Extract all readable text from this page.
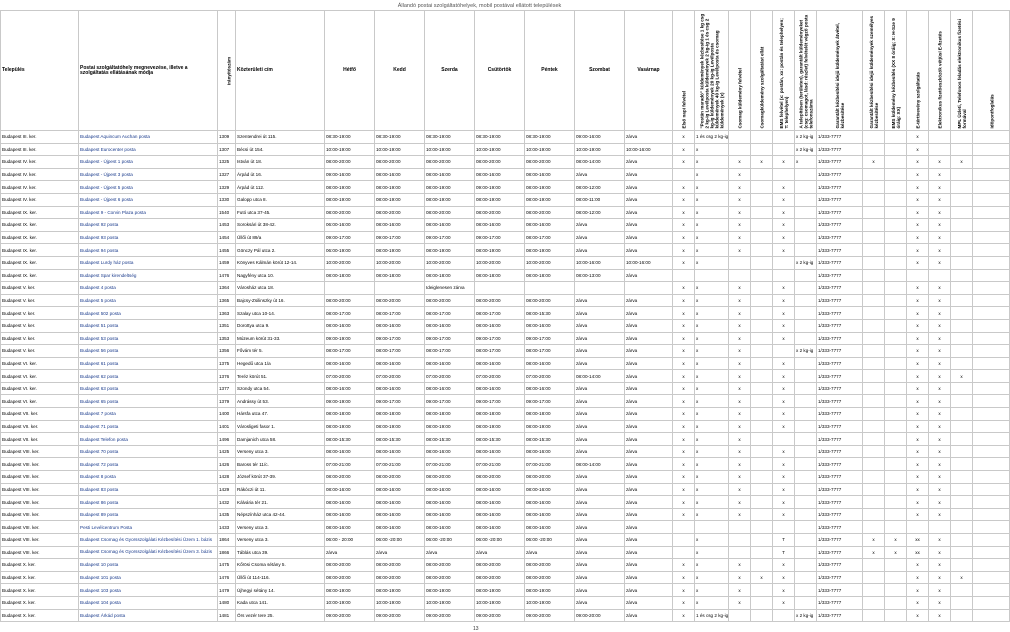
Állandó postai szolgáltatóhelyek, mobil postával ellátott települések
Település	Postai szolgáltatóhely megnevezése, illetve a szolgáltatás ellátásának módja	Irányítószám	Közterületi cím	Hétfő	Kedd	Szerda	Csütörtök	Péntek	Szombat	Vasárnap	Első napi felvétel	"Postán maradó" küldemények kézbesítése 1 kg csg 2 kg-ig Levélposta küldemények 2 kg-ig 1 és csg 2 kg-ig küldemények 20 kg-ig Levélposta küldemények 40 kg-ig Levélposta és csomag küldemények (x)	Csomag küldemény felvétel	Csomagküldemény szolgáltatást ellát	EMS felvétel (x: postán, xx: postán és telephelyen; T: telephelyen)	A telepítésen (területen), garantált küldeményeket (csg: csomagot, lásd: részlet) felvételét végző posta telefonszáma	Garantált kézbesítési idejű küldemények átvétel, kézbesítése	Garantált kézbesítési idejű küldemények személyes kézbesítése	EMS küldemény kézbesítés (XX 8 óráig; X: H-Sze 9 óráig: XX)	E-tértivevény szolgáltatás	Elektronikus fizetőeszközök vétjüsí E-fizetés	MPL Üzleti, Telefonos feladás elektronikus fizetési formával	Időpontfoglalás

Budapest III. ker.	Budapest Aquincum Auchan posta	1309	Szentendrei út 115.	08:30-19:00	08:30-19:00	08:30-19:00	08:30-19:00	08:30-19:00	09:00-16:00	zárva	x	1 és csg 2 kg-ig				x 2 kg-ig	1/333-7777			x			
Budapest III. ker.	Budapest Eurocenter posta	1307	Bécsi út 154.	10:00-19:00	10:00-19:00	10:00-19:00	10:00-19:00	10:00-19:00	10:00-19:00	10:00-16:00	x	x				x 2 kg-ig	1/333-7777			x			
Budapest IV. ker.	Budapest - Újpest 1 posta	1325	István út 18.	08:00-20:00	08:00-20:00	08:00-20:00	08:00-20:00	08:00-20:00	08:00-14:00	zárva	x	x	x	x	x	x	1/333-7777	x		x	x	x	
Budapest IV. ker.	Budapest - Újpest 3 posta	1327	Árpád út 16.	09:00-16:00	08:00-16:00	08:00-16:00	08:00-16:00	08:00-16:00	zárva	zárva		x	x				1/333-7777			x	x		
Budapest IV. ker.	Budapest - Újpest 5 posta	1329	Árpád út 112.	08:00-19:00	08:00-19:00	08:00-19:00	09:00-19:00	08:00-19:00	08:00-12:00	zárva	x	x	x		x		1/333-7777			x	x		
Budapest IV. ker.	Budapest - Újpest 6 posta	1330	Galopp utca 8.	08:00-19:00	08:00-19:00	08:00-19:00	08:00-19:00	08:00-19:00	08:00-11:00	zárva	x	x	x		x		1/333-7777			x	x		
Budapest IX. ker.	Budapest 9 - Corvin Plaza posta	1540	Futó utca 37-45.	08:00-20:00	08:00-20:00	08:00-20:00	08:00-20:00	08:00-20:00	08:00-12:00	zárva	x	x	x		x		1/333-7777			x	x		
Budapest IX. ker.	Budapest 92 posta	1453	Soroksári út 38-42.	06:00-16:00	08:00-16:00	08:00-16:00	08:00-16:00	08:00-16:00	zárva	zárva	x	x	x		x		1/333-7777			x	x		
Budapest IX. ker.	Budapest 93 posta	1454	Üllői út 89/a	09:00-17:00	09:00-17:00	09:00-17:00	09:00-17:00	08:00-17:00	zárva	zárva	x	x	x		x		1/333-7777			x	x		
Budapest IX. ker.	Budapest 94 posta	1455	Gönczy Pál utca 2.	06:00-19:00	08:00-19:00	08:00-19:00	08:00-19:00	08:00-19:00	zárva	zárva	x	x	x		x		1/333-7777			x	x		
Budapest IX. ker.	Budapest Lurdy ház posta	1459	Könyves Kálmán körút 12-14.	10:00-20:00	10:00-20:00	10:00-20:00	10:00-20:00	10:00-20:00	10:00-16:00	10:00-16:00	x	x				x 2 kg-ig	1/333-7777			x	x		
Budapest IX. ker.	Budapest Spar kirendeltség	1476	Nagyfény utca 10.	08:00-18:00	08:00-18:00	08:00-18:00	08:00-18:00	08:00-18:00	08:00-13:00	zárva							1/333-7777						
Budapest V. ker.	Budapest 4 posta	1364	Városház utca 18.			Ideiglenesen zárva					x	x	x		x		1/333-7777			x	x		
Budapest V. ker.	Budapest 5 posta	1365	Bajcsy-Zsilinszky út 16.	08:00-20:00	08:00-20:00	08:00-20:00	08:00-20:00	08:00-20:00	zárva	zárva	x	x	x		x		1/333-7777			x	x		
Budapest V. ker.	Budapest 502 posta	1363	Szalay utca 10-14.	08:00-17:00	08:00-17:00	08:00-17:00	08:00-17:00	08:00-15:30	zárva	zárva	x	x	x		x		1/333-7777			x	x		
Budapest V. ker.	Budapest 51 posta	1351	Dorottya utca 9.	08:00-16:00	08:00-16:00	08:00-16:00	08:00-16:00	08:00-16:00	zárva	zárva	x	x	x		x		1/333-7777			x	x		
Budapest V. ker.	Budapest 53 posta	1353	Múzeum körút 31-33.	09:00-19:00	09:00-17:00	09:00-17:00	09:00-17:00	09:00-17:00	zárva	zárva	x	x	x		x		1/333-7777			x	x		
Budapest V. ker.	Budapest 56 posta	1356	Fővám tér 5.	08:00-17:00	08:00-17:00	08:00-17:00	08:00-17:00	08:00-17:00	zárva	zárva	x	x	x			x 2 kg-ig	1/333-7777			x	x		
Budapest VI. ker.	Budapest 61 posta	1375	Hegedű utca 1/a	08:00-16:00	08:00-16:00	08:00-16:00	08:00-16:00	08:00-16:00	zárva	zárva	x	x	x		x		1/333-7777			x	x		
Budapest VI. ker.	Budapest 62 posta	1376	Teréz körút 51.	07:00-20:00	07:00-20:00	07:00-20:00	07:00-20:00	07:00-20:00	08:00-14:00	zárva	x	x	x		x		1/333-7777			x	x	x	
Budapest VI. ker.	Budapest 63 posta	1377	Szondy utca 54.	08:00-16:00	08:00-16:00	08:00-16:00	08:00-16:00	08:00-16:00	zárva	zárva	x	x	x		x		1/333-7777			x	x		
Budapest VI. ker.	Budapest 65 posta	1379	Andrássy út 53.	09:00-19:00	09:00-17:00	09:00-17:00	09:00-17:00	09:00-17:00	zárva	zárva	x	x	x		x		1/333-7777			x	x		
Budapest VII. ker.	Budapest 7 posta	1400	Hársfa utca 47.	08:00-18:00	08:00-18:00	08:00-18:00	08:00-18:00	08:00-18:00	zárva	zárva	x	x	x		x		1/333-7777			x	x		
Budapest VII. ker.	Budapest 71 posta	1401	Városligeti fasor 1.	08:00-19:00	08:00-19:00	08:00-19:00	08:00-19:00	08:00-19:00	zárva	zárva	x	x	x		x		1/333-7777			x	x		
Budapest VII. ker.	Budapest Telefon posta	1496	Damjanich utca 58.	08:00-15:30	08:00-15:30	08:00-15:30	08:00-15:30	08:00-15:30	zárva	zárva	x	x	x				1/333-7777			x	x		
Budapest VIII. ker.	Budapest 70 posta	1425	Verseny utca 3.	08:00-16:00	08:00-16:00	08:00-16:00	08:00-16:00	08:00-16:00	zárva	zárva	x	x	x		x		1/333-7777			x	x		
Budapest VIII. ker.	Budapest 72 posta	1426	Baross tér 11/c.	07:00-21:00	07:00-21:00	07:00-21:00	07:00-21:00	07:00-21:00	08:00-14:00	zárva	x	x	x		x		1/333-7777			x	x		
Budapest VIII. ker.	Budapest 8 posta	1428	József körút 37-39.	08:00-20:00	08:00-20:00	08:00-20:00	08:00-20:00	08:00-20:00	zárva	zárva	x	x	x		x		1/333-7777			x	x		
Budapest VIII. ker.	Budapest 83 posta	1429	Rákóczi út 11.	08:00-16:00	08:00-16:00	08:00-16:00	08:00-16:00	08:00-16:00	zárva	zárva	x	x	x		x		1/333-7777			x	x		
Budapest VIII. ker.	Budapest 86 posta	1432	Kálvária tér 21.	08:00-16:00	08:00-16:00	08:00-16:00	08:00-16:00	08:00-16:00	zárva	zárva	x	x	x		x		1/333-7777			x	x		
Budapest VIII. ker.	Budapest 89 posta	1435	Népszínház utca 42-44.	08:00-16:00	08:00-16:00	08:00-16:00	08:00-16:00	08:00-16:00	zárva	zárva	x	x	x		x		1/333-7777			x	x		
Budapest VIII. ker.	Pesti Levélcentrum Posta	1433	Verseny utca 3.	08:00-16:00	08:00-16:00	08:00-16:00	08:00-16:00	08:00-16:00	zárva	zárva							1/333-7777						
Budapest VIII. ker.	Budapest Csomag és Gyorsszolgálati Kézbesítési Üzem 1. bázis	1864	Verseny utca 3.	06:00 - 20:00	06:00 -20:00	06:00 -20:00	06:00 -20:00	06:00 -20:00	zárva	zárva		x			T		1/333-7777	x	x	xx	x		
Budapest VIII. ker.	Budapest Csomag és Gyorsszolgálati Kézbesítési Üzem 3. bázis	1866	Táblás utca 39.	zárva	zárva	zárva	zárva	zárva	zárva	zárva		x			T		1/333-7777	x	x	xx	x		
Budapest X. ker.	Budapest 10 posta	1475	Kőrösi Csoma sétány 5.	08:00-20:00	08:00-20:00	08:00-20:00	08:00-20:00	08:00-20:00	zárva	zárva	x	x	x		x		1/333-7777			x	x		
Budapest X. ker.	Budapest 101 posta	1476	Üllői út 114-116.	08:00-20:00	08:00-20:00	08:00-20:00	08:00-20:00	08:00-20:00	zárva	zárva	x	x	x	x	x		1/333-7777			x	x	x	
Budapest X. ker.	Budapest 103 posta	1479	Újhegyi sétány 14.	08:00-19:00	08:00-19:00	08:00-19:00	08:00-19:00	08:00-19:00	zárva	zárva	x	x	x		x		1/333-7777			x	x		
Budapest X. ker.	Budapest 104 posta	1480	Kada utca 141.	10:00-19:00	10:00-19:00	10:00-19:00	10:00-19:00	10:00-19:00	zárva	zárva	x	x	x		x		1/333-7777			x	x		
Budapest X. ker.	Budapest Árkád posta	1481	Örs vezér tere 25.	09:00-20:00	09:00-20:00	09:00-20:00	09:00-20:00	09:00-20:00	09:00-20:00	zárva	x	1 és csg 2 kg-ig				x 2 kg-ig	1/333-7777			x	x		
13
